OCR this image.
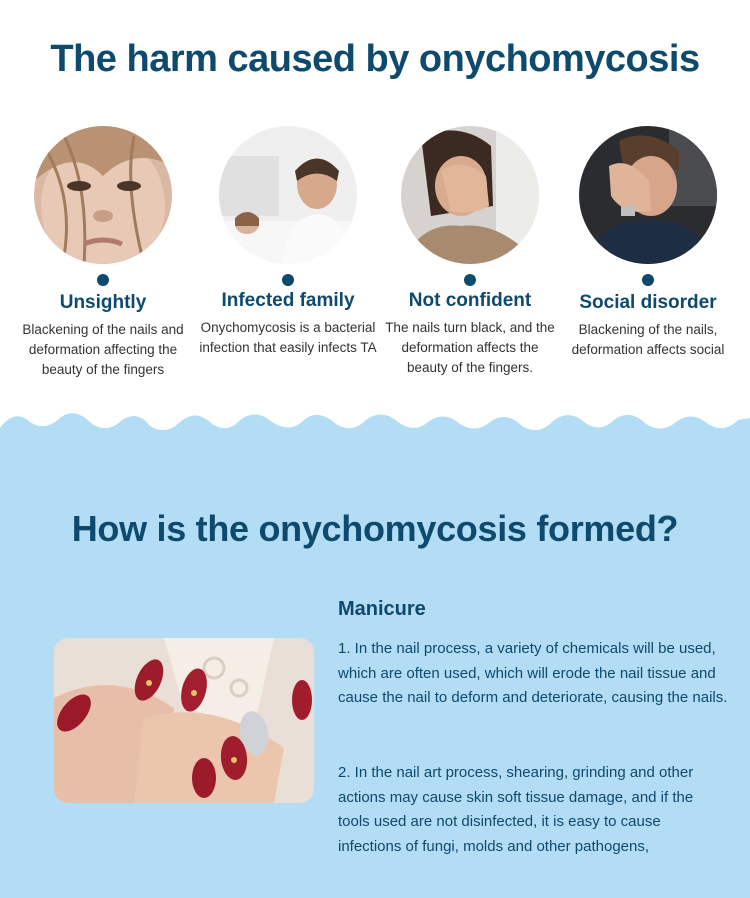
The harm caused by onychomycosis
Unsightly
Blackening of the nails and deformation affecting the beauty of the fingers
Infected family
Onychomycosis is a bacterial infection that easily infects TA
Not confident
The nails turn black, and the deformation affects the beauty of the fingers.
Social disorder
Blackening of the nails, deformation affects social
How is the onychomycosis formed?
Manicure
1. In the nail process, a variety of chemicals will be used, which are often used, which will erode the nail tissue and cause the nail to deform and deteriorate, causing the nails.
2. In the nail art process, shearing, grinding and other actions may cause skin soft tissue damage, and if the tools used are not disinfected, it is easy to cause infections of fungi, molds and other pathogens,
